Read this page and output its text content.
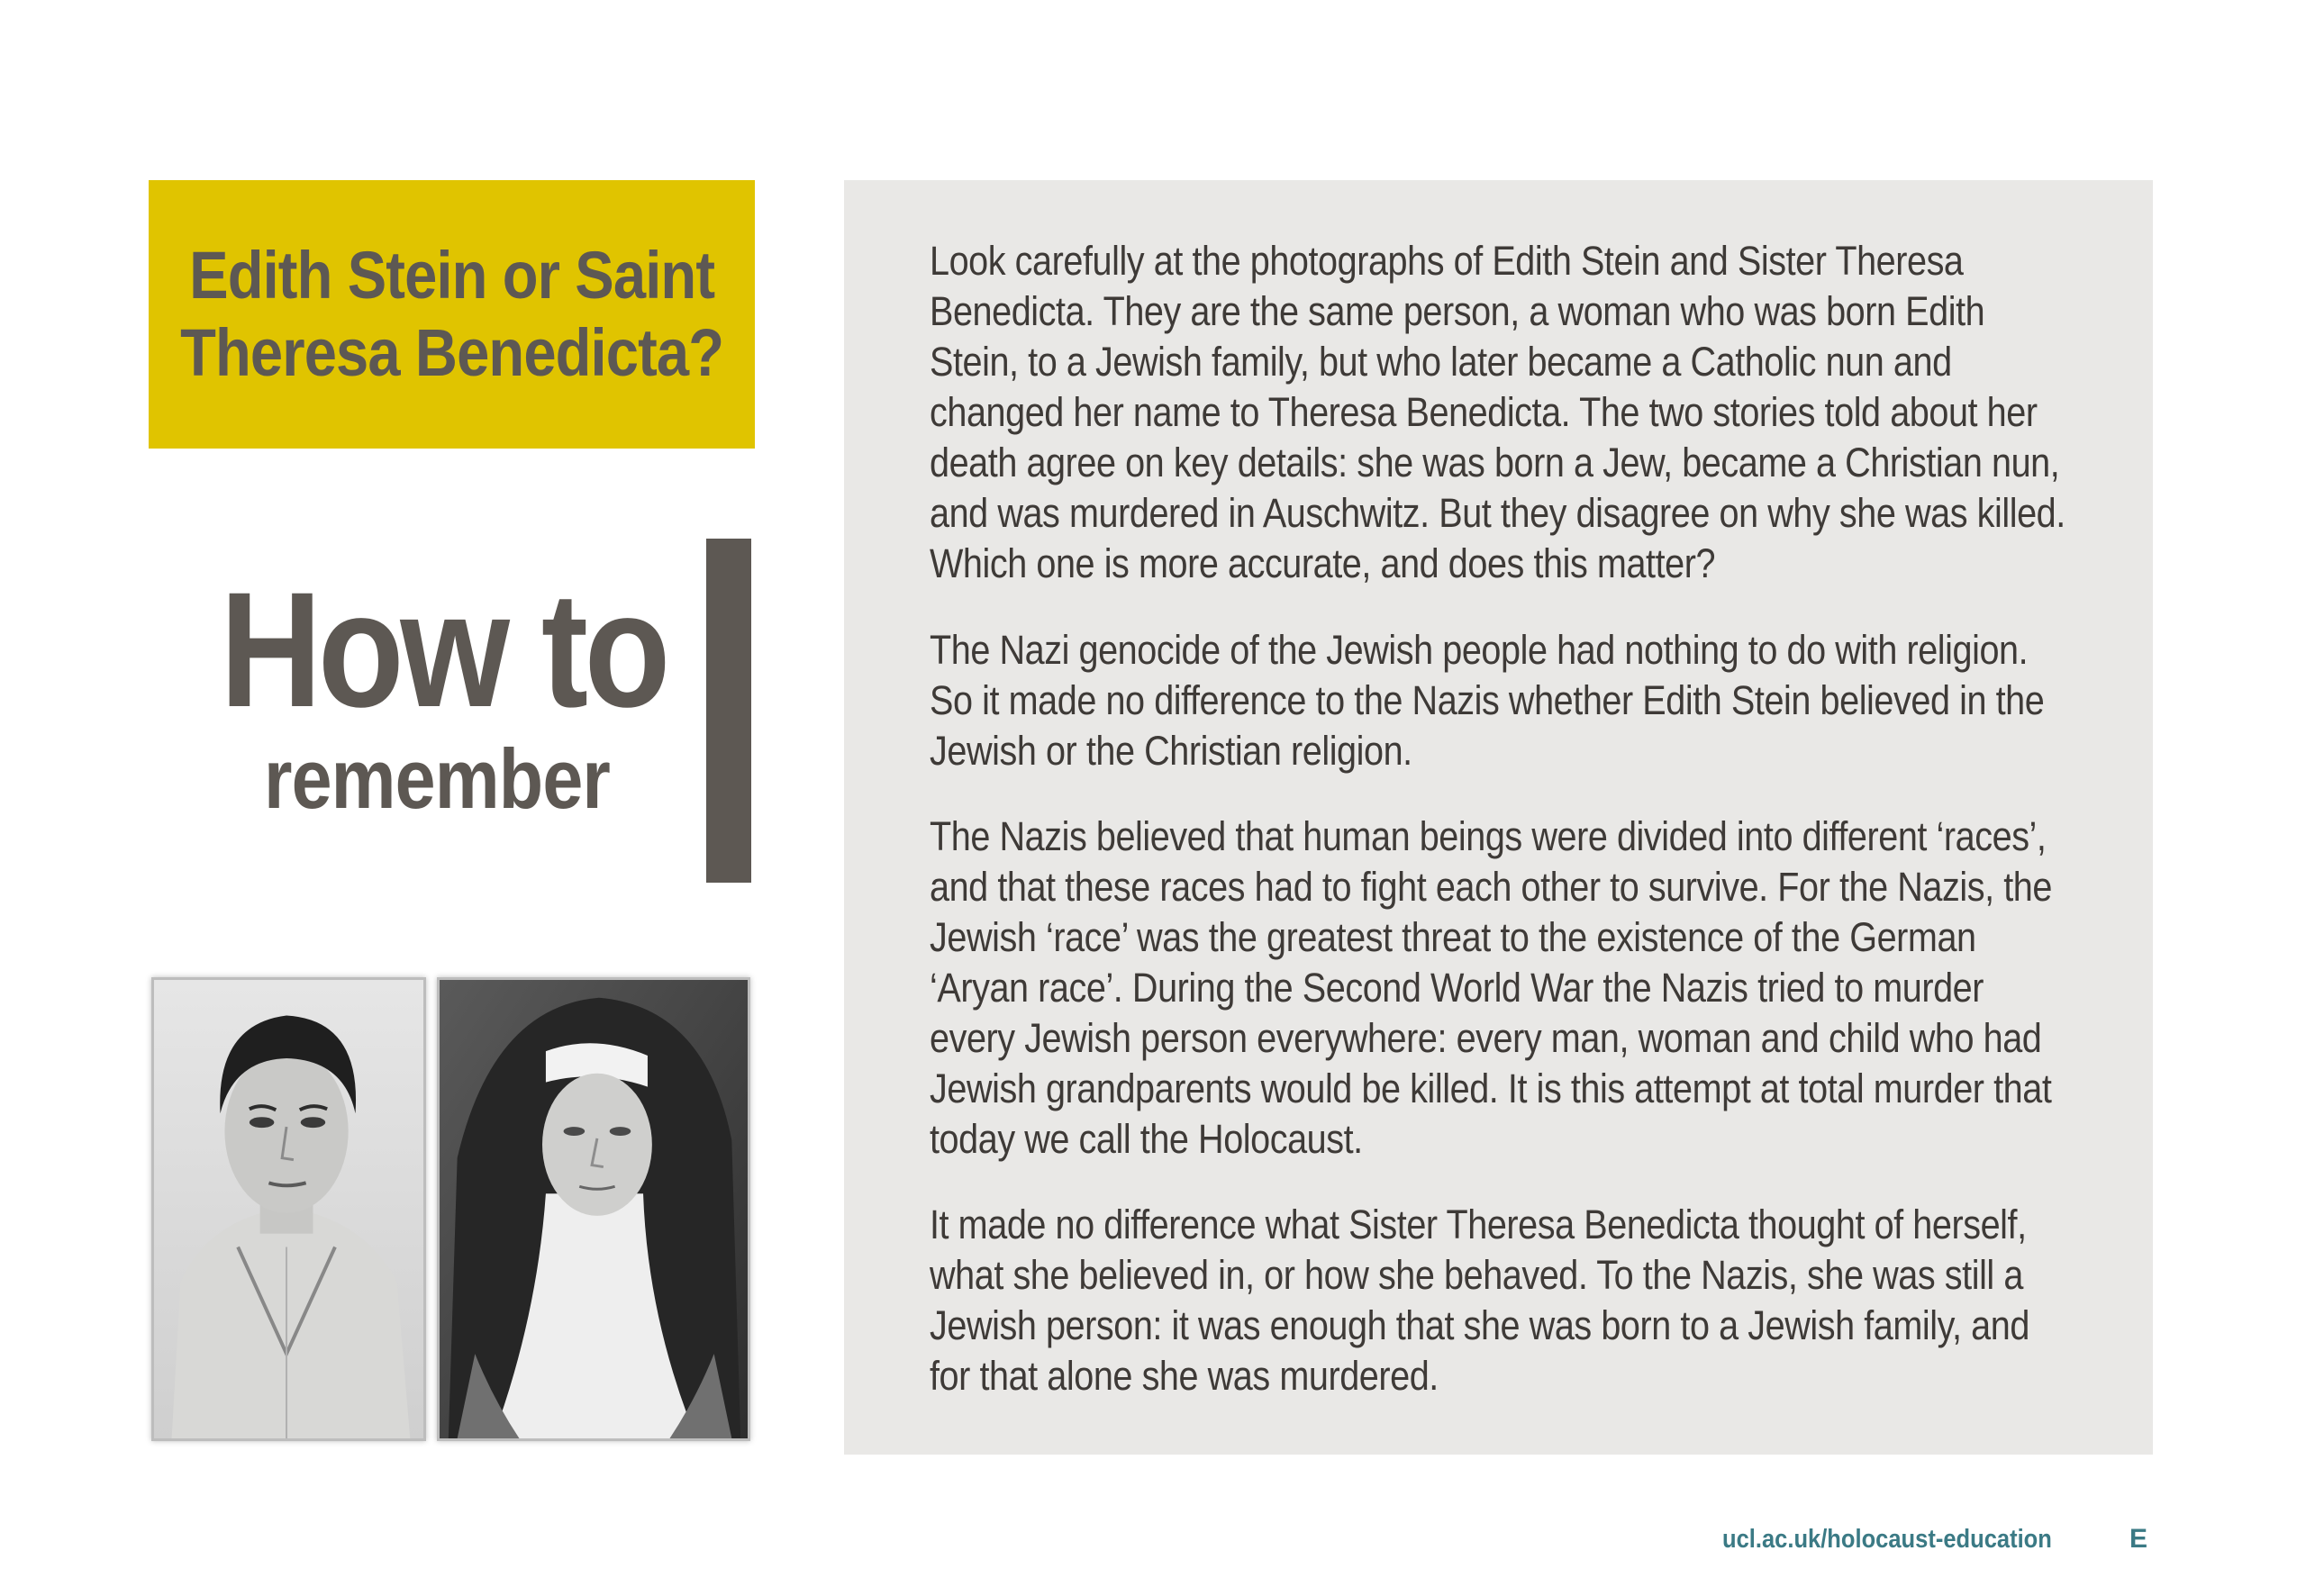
Edith Stein or Saint
Theresa Benedicta?
How to
remember

Look carefully at the photographs of Edith Stein and Sister Theresa
Benedicta. They are the same person, a woman who was born Edith
Stein, to a Jewish family, but who later became a Catholic nun and
changed her name to Theresa Benedicta. The two stories told about her
death agree on key details: she was born a Jew, became a Christian nun,
and was murdered in Auschwitz. But they disagree on why she was killed.
Which one is more accurate, and does this matter?

The Nazi genocide of the Jewish people had nothing to do with religion.
So it made no difference to the Nazis whether Edith Stein believed in the
Jewish or the Christian religion.

The Nazis believed that human beings were divided into different ‘races’,
and that these races had to fight each other to survive. For the Nazis, the
Jewish ‘race’ was the greatest threat to the existence of the German
‘Aryan race’. During the Second World War the Nazis tried to murder
every Jewish person everywhere: every man, woman and child who had
Jewish grandparents would be killed. It is this attempt at total murder that
today we call the Holocaust.

It made no difference what Sister Theresa Benedicta thought of herself,
what she believed in, or how she behaved. To the Nazis, she was still a
Jewish person: it was enough that she was born to a Jewish family, and
for that alone she was murdered.

ucl.ac.uk/holocaust-education	E
